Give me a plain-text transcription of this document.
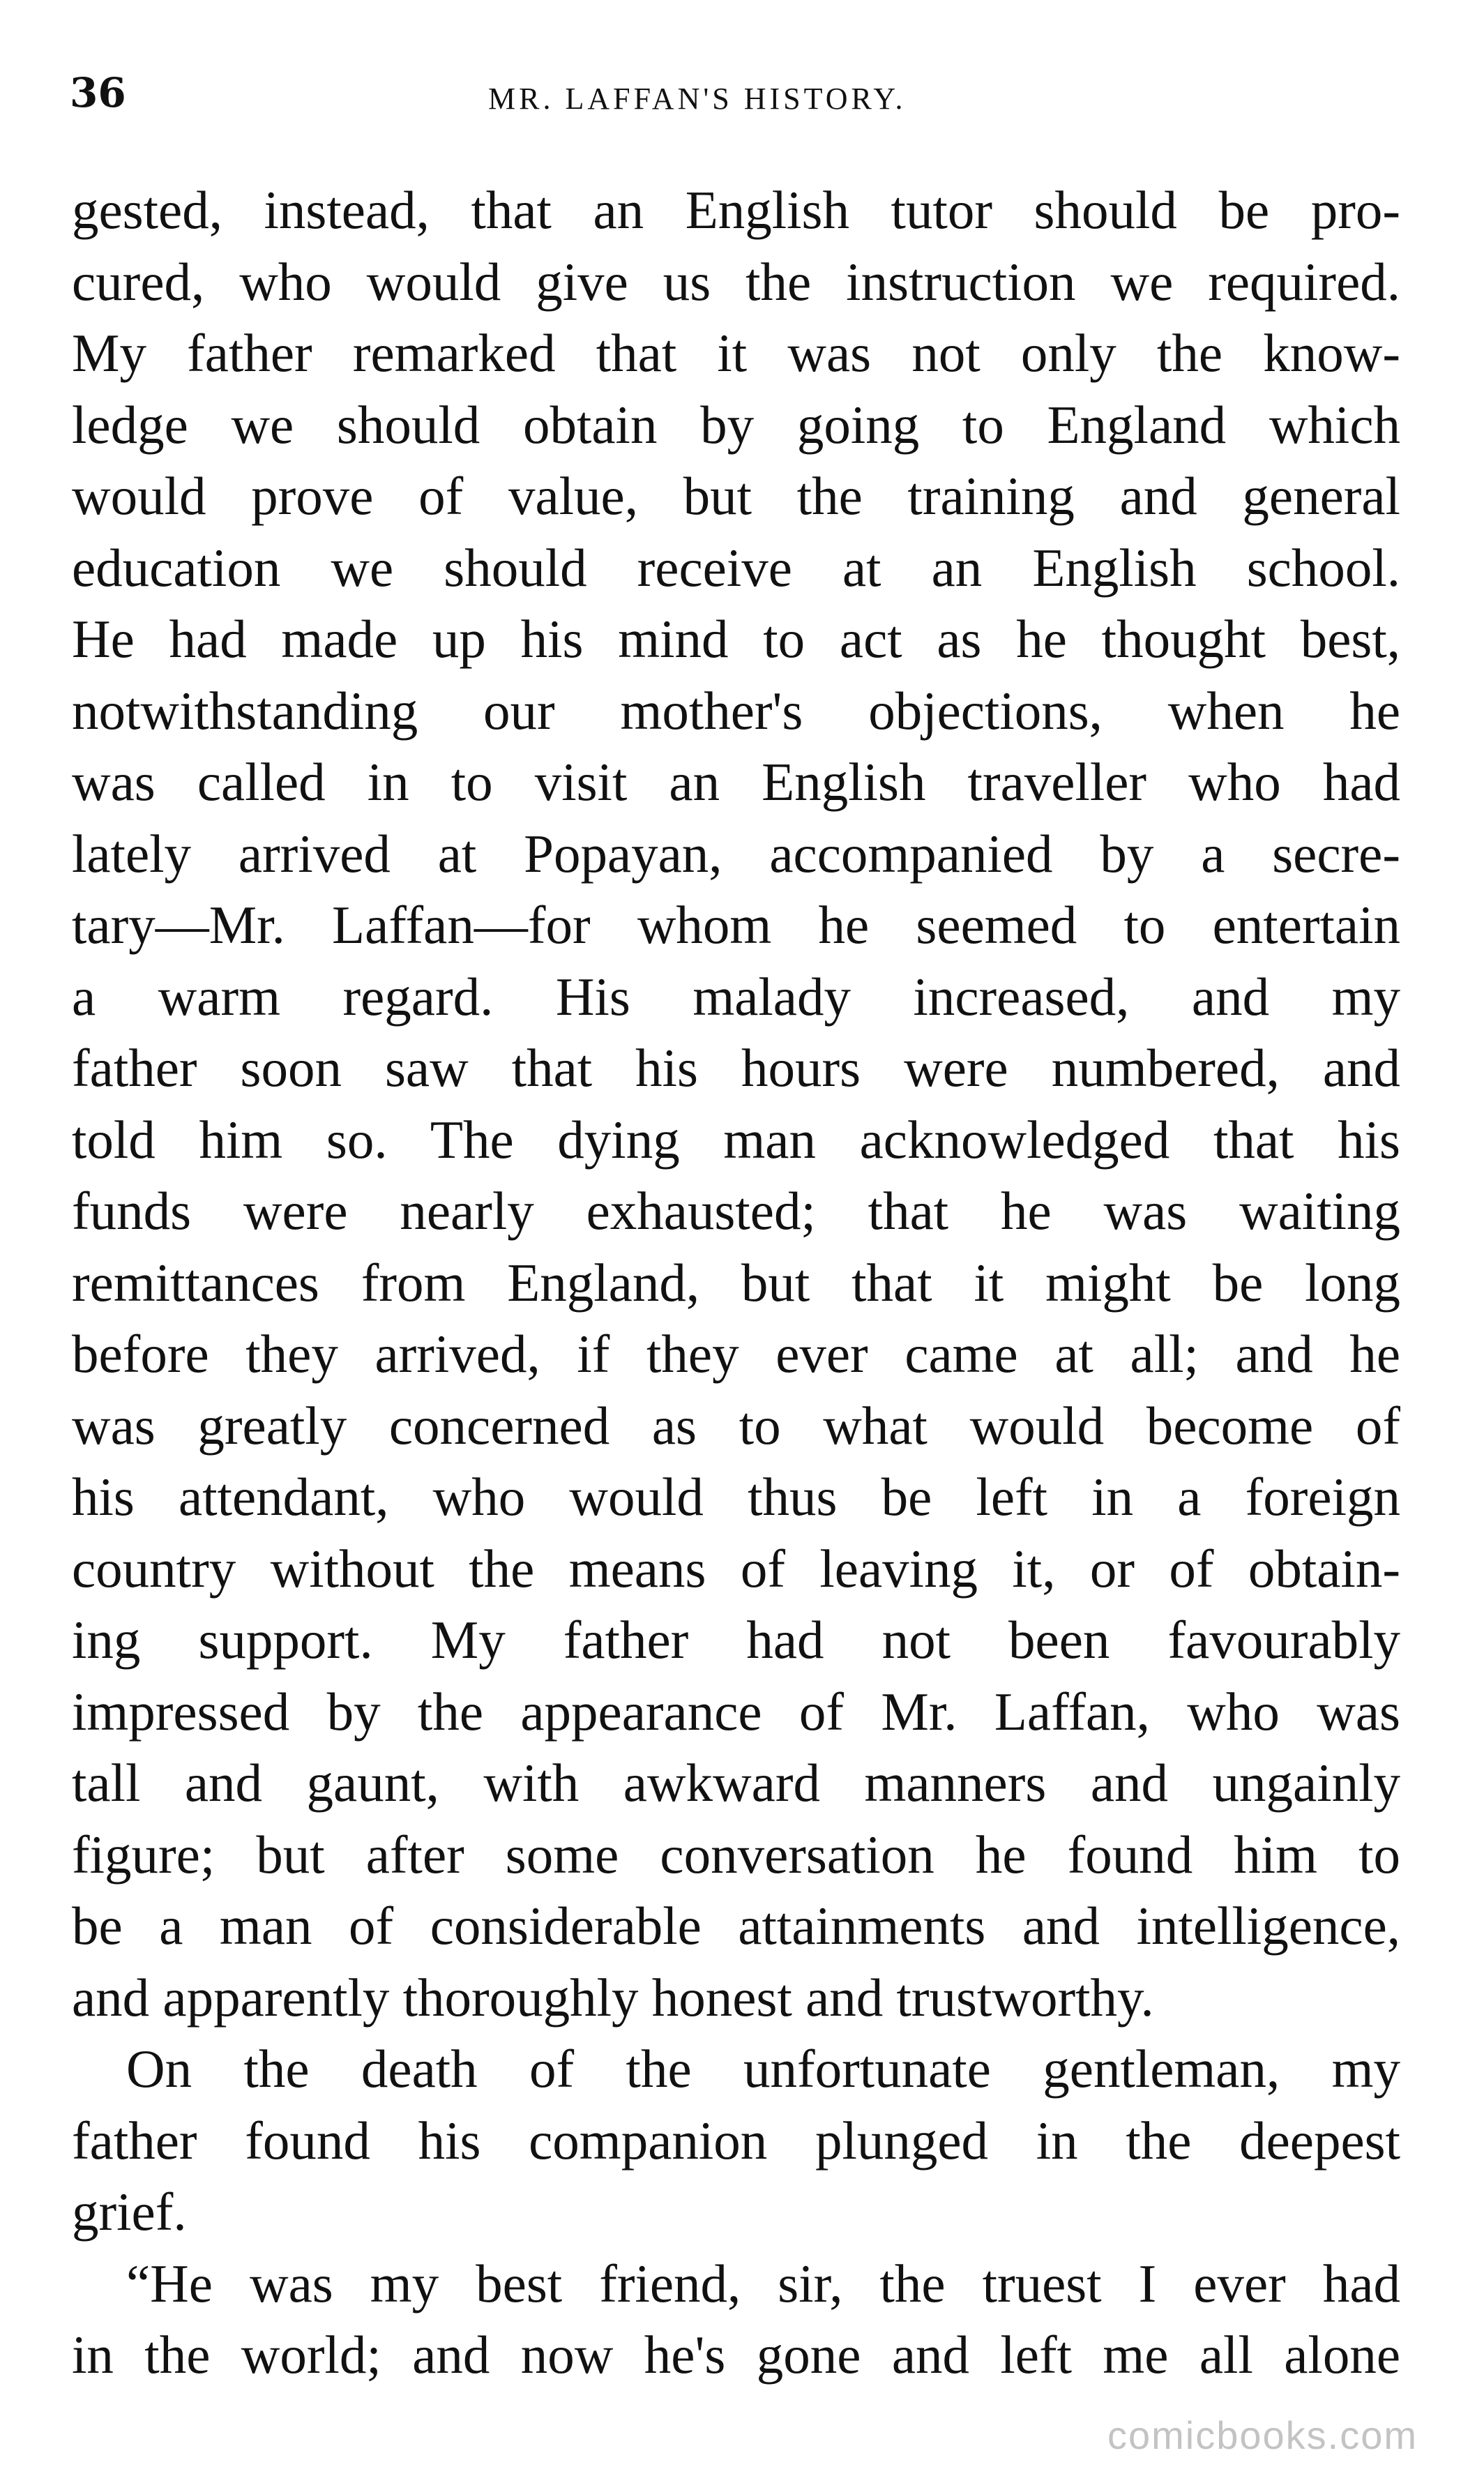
36	MR. LAFFAN'S HISTORY.
gested, instead, that an English tutor should be pro-
cured, who would give us the instruction we required.
My father remarked that it was not only the know-
ledge we should obtain by going to England which
would prove of value, but the training and general
education we should receive at an English school.
He had made up his mind to act as he thought best,
notwithstanding our mother's objections, when he
was called in to visit an English traveller who had
lately arrived at Popayan, accompanied by a secre-
tary—Mr. Laffan—for whom he seemed to entertain
a warm regard. His malady increased, and my
father soon saw that his hours were numbered, and
told him so. The dying man acknowledged that his
funds were nearly exhausted; that he was waiting
remittances from England, but that it might be long
before they arrived, if they ever came at all; and he
was greatly concerned as to what would become of
his attendant, who would thus be left in a foreign
country without the means of leaving it, or of obtain-
ing support. My father had not been favourably
impressed by the appearance of Mr. Laffan, who was
tall and gaunt, with awkward manners and ungainly
figure; but after some conversation he found him to
be a man of considerable attainments and intelligence,
and apparently thoroughly honest and trustworthy.
On the death of the unfortunate gentleman, my
father found his companion plunged in the deepest
grief.
“He was my best friend, sir, the truest I ever had
in the world; and now he's gone and left me all alone
comicbooks.com
